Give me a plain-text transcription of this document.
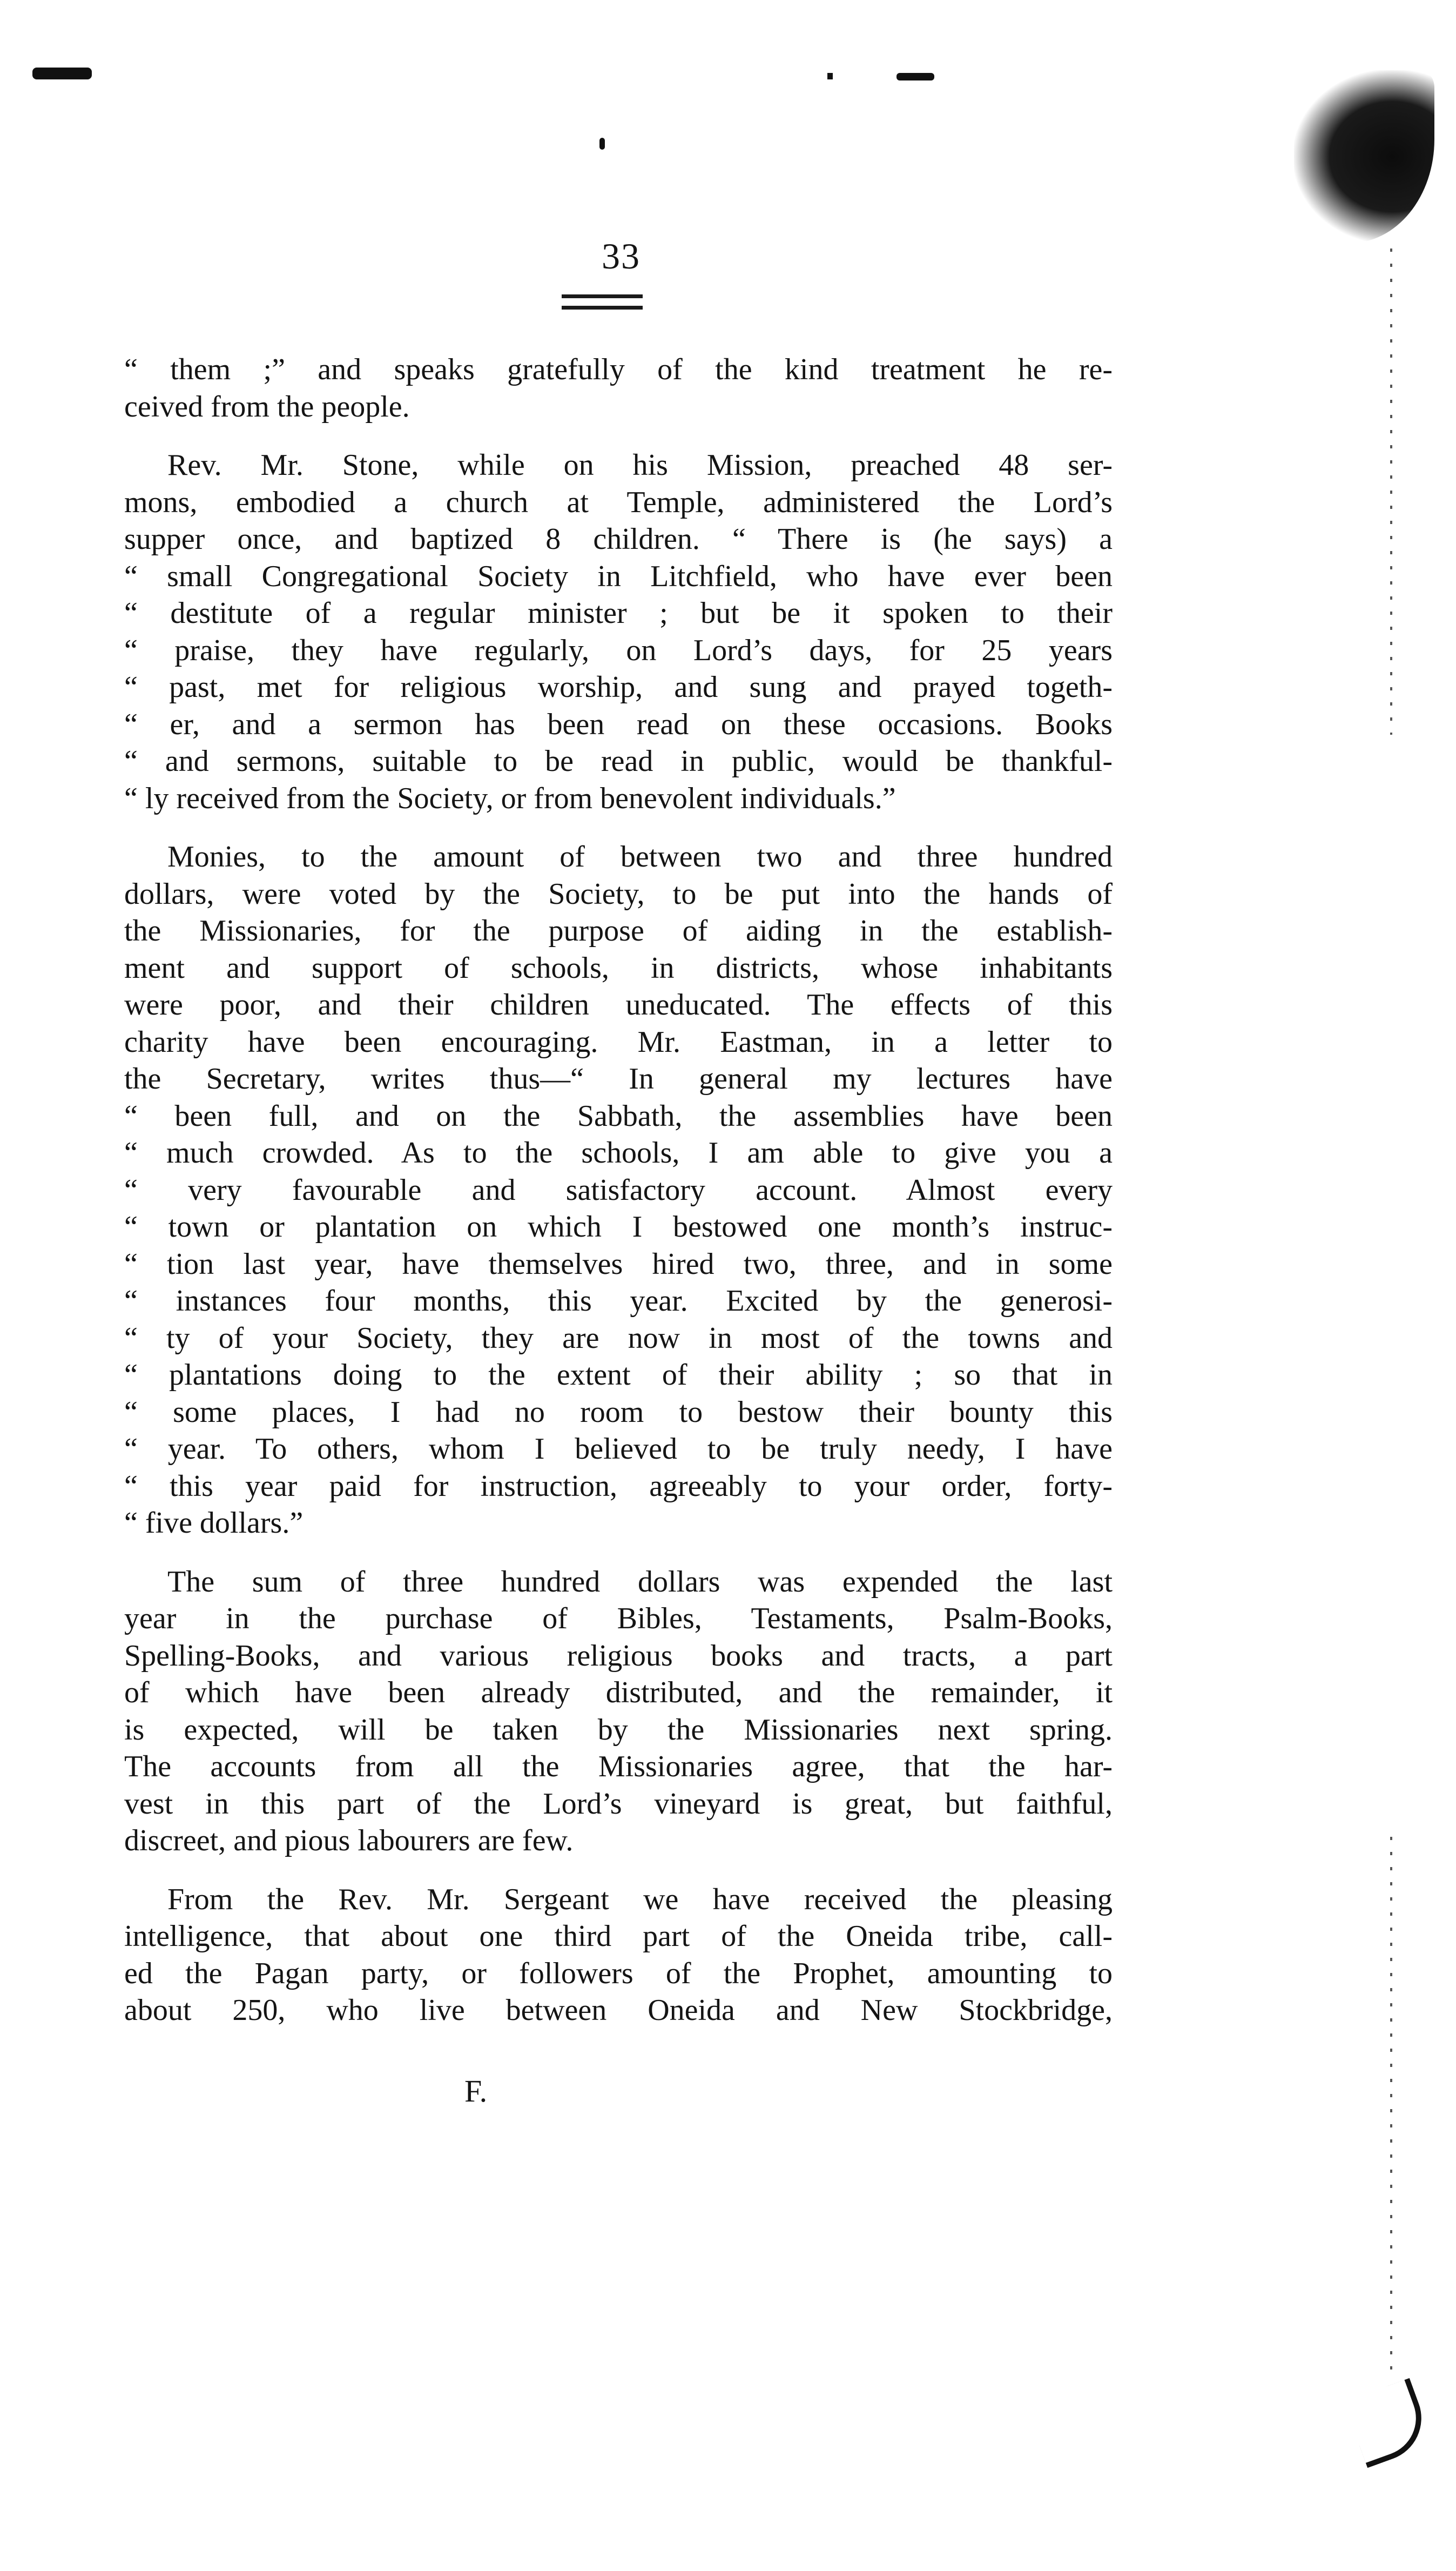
33

“ them ;” and speaks gratefully of the kind treatment he re-
ceived from the people.

Rev. Mr. Stone, while on his Mission, preached 48 ser-
mons, embodied a church at Temple, administered the Lord’s
supper once, and baptized 8 children. “ There is (he says) a
“ small Congregational Society in Litchfield, who have ever been
“ destitute of a regular minister ; but be it spoken to their
“ praise, they have regularly, on Lord’s days, for 25 years
“ past, met for religious worship, and sung and prayed togeth-
“ er, and a sermon has been read on these occasions. Books
“ and sermons, suitable to be read in public, would be thankful-
“ ly received from the Society, or from benevolent individuals.”

Monies, to the amount of between two and three hundred
dollars, were voted by the Society, to be put into the hands of
the Missionaries, for the purpose of aiding in the establish-
ment and support of schools, in districts, whose inhabitants
were poor, and their children uneducated. The effects of this
charity have been encouraging. Mr. Eastman, in a letter to
the Secretary, writes thus—“ In general my lectures have
“ been full, and on the Sabbath, the assemblies have been
“ much crowded. As to the schools, I am able to give you a
“ very favourable and satisfactory account. Almost every
“ town or plantation on which I bestowed one month’s instruc-
“ tion last year, have themselves hired two, three, and in some
“ instances four months, this year. Excited by the generosi-
“ ty of your Society, they are now in most of the towns and
“ plantations doing to the extent of their ability ; so that in
“ some places, I had no room to bestow their bounty this
“ year. To others, whom I believed to be truly needy, I have
“ this year paid for instruction, agreeably to your order, forty-
“ five dollars.”

The sum of three hundred dollars was expended the last
year in the purchase of Bibles, Testaments, Psalm-Books,
Spelling-Books, and various religious books and tracts, a part
of which have been already distributed, and the remainder, it
is expected, will be taken by the Missionaries next spring.
The accounts from all the Missionaries agree, that the har-
vest in this part of the Lord’s vineyard is great, but faithful,
discreet, and pious labourers are few.

From the Rev. Mr. Sergeant we have received the pleasing
intelligence, that about one third part of the Oneida tribe, call-
ed the Pagan party, or followers of the Prophet, amounting to
about 250, who live between Oneida and New Stockbridge,

F.
